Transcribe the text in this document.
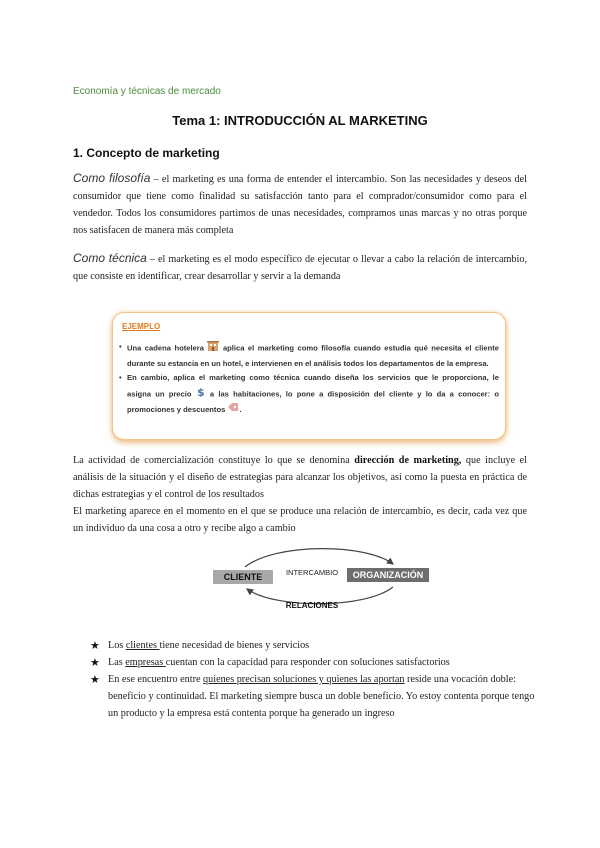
Economía y técnicas de mercado
Tema 1: INTRODUCCIÓN AL MARKETING
1. Concepto de marketing
Como filosofía – el marketing es una forma de entender el intercambio. Son las necesidades y deseos del consumidor que tiene como finalidad su satisfacción tanto para el comprador/consumidor como para el vendedor. Todos los consumidores partimos de unas necesidades, compramos unas marcas y no otras porque nos satisfacen de manera más completa
Como técnica – el marketing es el modo específico de ejecutar o llevar a cabo la relación de intercambio, que consiste en identificar, crear desarrollar y servir a la demanda
EJEMPLO
• Una cadena hotelera aplica el marketing como filosofía cuando estudia qué necesita el cliente durante su estancia en un hotel, e intervienen en el análisis todos los departamentos de la empresa.
• En cambio, aplica el marketing como técnica cuando diseña los servicios que le proporciona, le asigna un precio $ a las habitaciones, lo pone a disposición del cliente y lo da a conocer: o promociones y descuentos .
La actividad de comercialización constituye lo que se denomina dirección de marketing, que incluye el análisis de la situación y el diseño de estrategias para alcanzar los objetivos, así como la puesta en práctica de dichas estrategias y el control de los resultados
El marketing aparece en el momento en el que se produce una relación de intercambio, es decir, cada vez que un individuo da una cosa a otro y recibe algo a cambio
CLIENTE	INTERCAMBIO	ORGANIZACIÓN
RELACIONES
★ Los clientes tiene necesidad de bienes y servicios
★ Las empresas cuentan con la capacidad para responder con soluciones satisfactorios
★ En ese encuentro entre quienes precisan soluciones y quienes las aportan reside una vocación doble: beneficio y continuidad. El marketing siempre busca un doble beneficio. Yo estoy contenta porque tengo un producto y la empresa está contenta porque ha generado un ingreso
